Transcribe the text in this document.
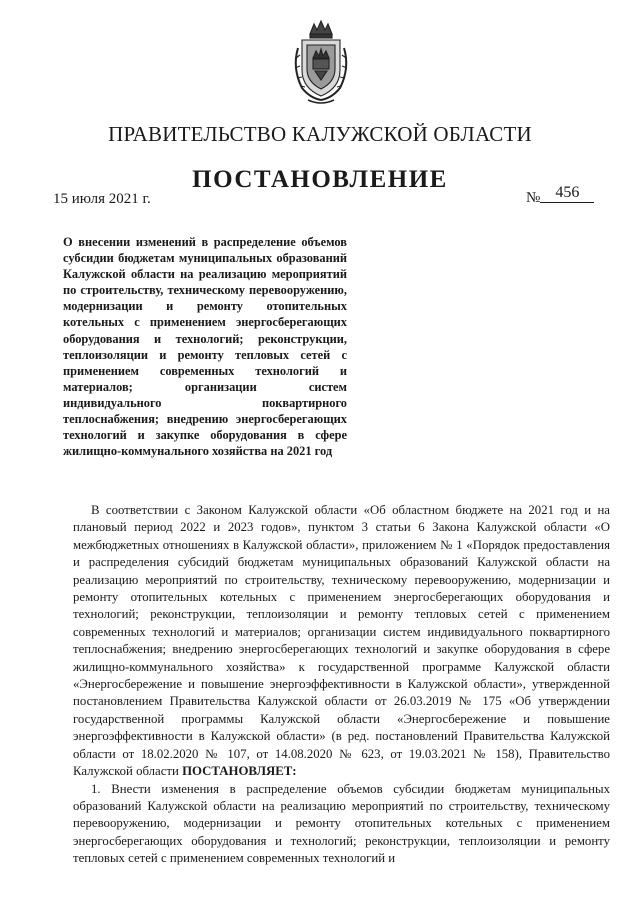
ПРАВИТЕЛЬСТВО КАЛУЖСКОЙ ОБЛАСТИ
ПОСТАНОВЛЕНИЕ
15 июля 2021 г.	№ 456

О внесении изменений в распределение объемов субсидии бюджетам муниципальных образований Калужской области на реализацию мероприятий по строительству, техническому перевооружению, модернизации и ремонту отопительных котельных с применением энергосберегающих оборудования и технологий; реконструкции, теплоизоляции и ремонту тепловых сетей с применением современных технологий и материалов; организации систем индивидуального поквартирного теплоснабжения; внедрению энергосберегающих технологий и закупке оборудования в сфере жилищно-коммунального хозяйства на 2021 год

В соответствии с Законом Калужской области «Об областном бюджете на 2021 год и на плановый период 2022 и 2023 годов», пунктом 3 статьи 6 Закона Калужской области «О межбюджетных отношениях в Калужской области», приложением № 1 «Порядок предоставления и распределения субсидий бюджетам муниципальных образований Калужской области на реализацию мероприятий по строительству, техническому перевооружению, модернизации и ремонту отопительных котельных с применением энергосберегающих оборудования и технологий; реконструкции, теплоизоляции и ремонту тепловых сетей с применением современных технологий и материалов; организации систем индивидуального поквартирного теплоснабжения; внедрению энергосберегающих технологий и закупке оборудования в сфере жилищно-коммунального хозяйства» к государственной программе Калужской области «Энергосбережение и повышение энергоэффективности в Калужской области», утвержденной постановлением Правительства Калужской области от 26.03.2019 № 175 «Об утверждении государственной программы Калужской области «Энергосбережение и повышение энергоэффективности в Калужской области» (в ред. постановлений Правительства Калужской области от 18.02.2020 № 107, от 14.08.2020 № 623, от 19.03.2021 № 158), Правительство Калужской области ПОСТАНОВЛЯЕТ:

1. Внести изменения в распределение объемов субсидии бюджетам муниципальных образований Калужской области на реализацию мероприятий по строительству, техническому перевооружению, модернизации и ремонту отопительных котельных с применением энергосберегающих оборудования и технологий; реконструкции, теплоизоляции и ремонту тепловых сетей с применением современных технологий и
